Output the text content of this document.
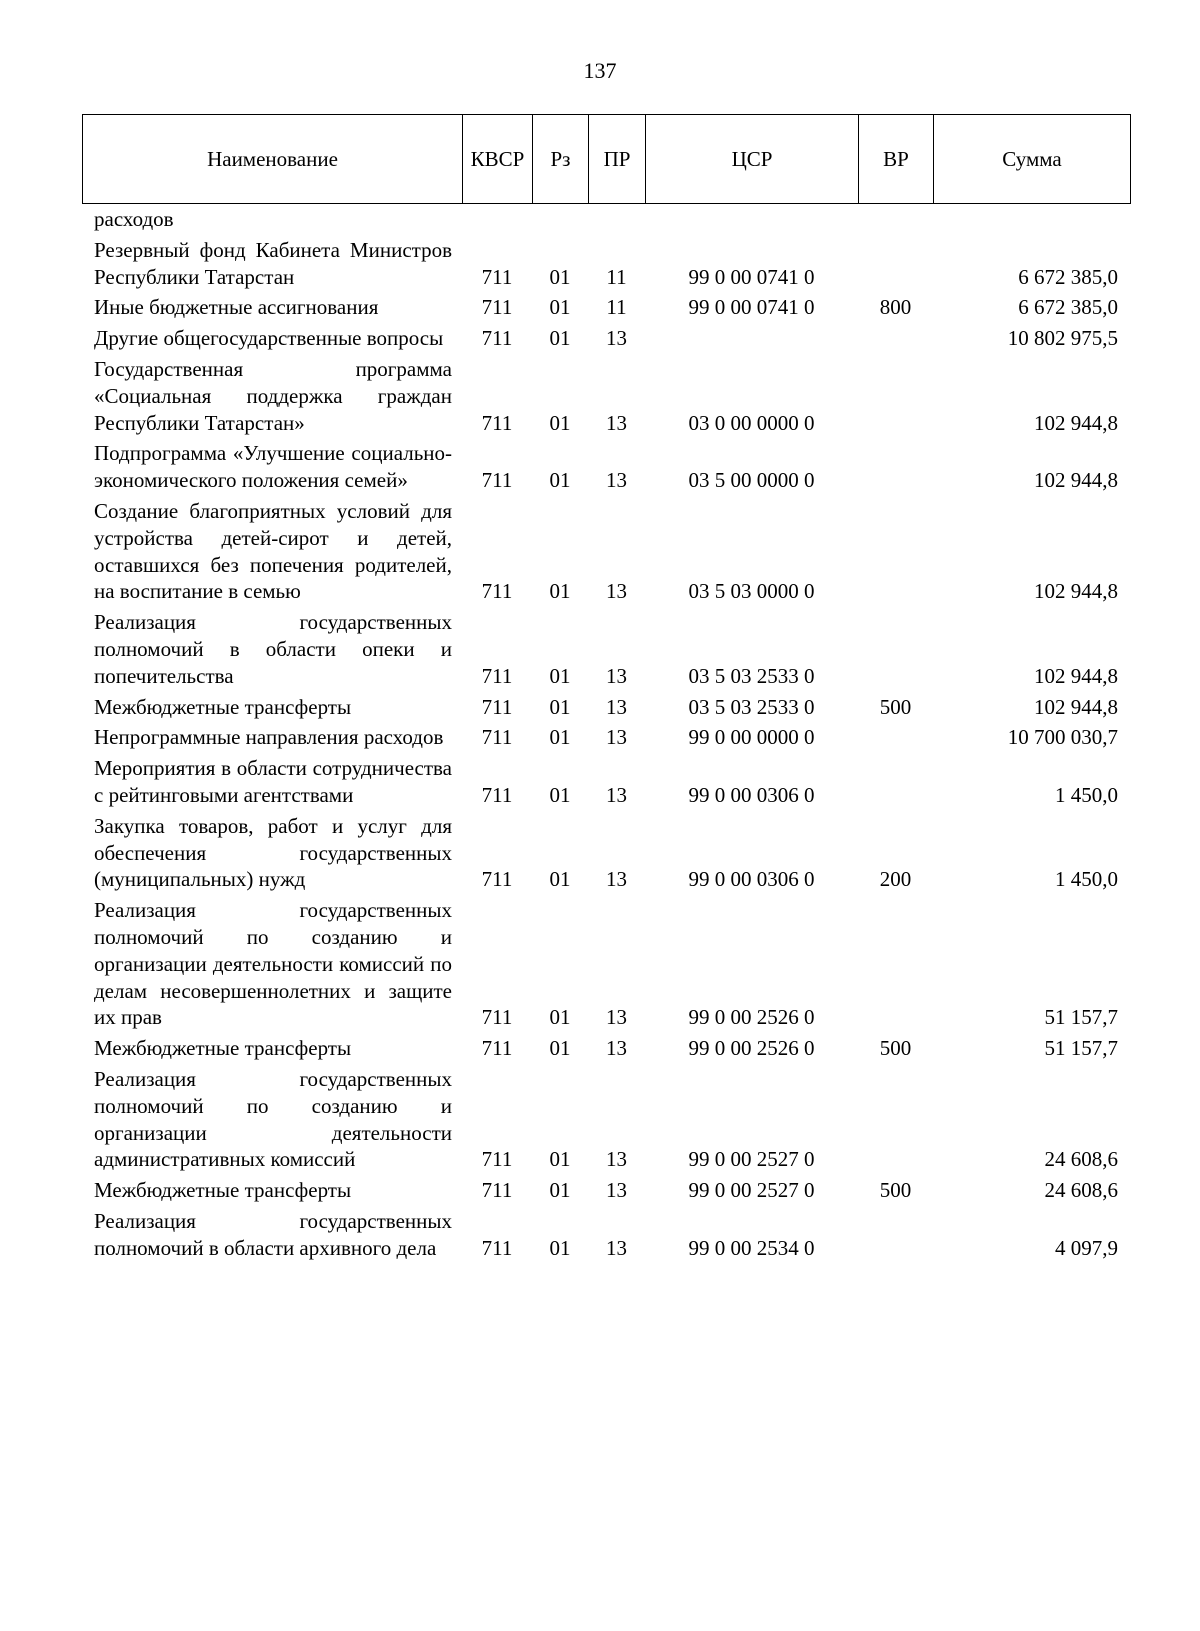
137
Наименование	КВСР	Рз	ПР	ЦСР	ВР	Сумма
расходов						
Резервный фонд Кабинета Министров Республики Татарстан	711	01	11	99 0 00 0741 0		6 672 385,0
Иные бюджетные ассигнования	711	01	11	99 0 00 0741 0	800	6 672 385,0
Другие общегосударственные вопросы	711	01	13			10 802 975,5
Государственная программа «Социальная поддержка граждан Республики Татарстан»	711	01	13	03 0 00 0000 0		102 944,8
Подпрограмма «Улучшение социально-экономического положения семей»	711	01	13	03 5 00 0000 0		102 944,8
Создание благоприятных условий для устройства детей-сирот и детей, оставшихся без попечения родителей, на воспитание в семью	711	01	13	03 5 03 0000 0		102 944,8
Реализация государственных полномочий в области опеки и попечительства	711	01	13	03 5 03 2533 0		102 944,8
Межбюджетные трансферты	711	01	13	03 5 03 2533 0	500	102 944,8
Непрограммные направления расходов	711	01	13	99 0 00 0000 0		10 700 030,7
Мероприятия в области сотрудничества с рейтинговыми агентствами	711	01	13	99 0 00 0306 0		1 450,0
Закупка товаров, работ и услуг для обеспечения государственных (муниципальных) нужд	711	01	13	99 0 00 0306 0	200	1 450,0
Реализация государственных полномочий по созданию и организации деятельности комиссий по делам несовершеннолетних и защите их прав	711	01	13	99 0 00 2526 0		51 157,7
Межбюджетные трансферты	711	01	13	99 0 00 2526 0	500	51 157,7
Реализация государственных полномочий по созданию и организации деятельности административных комиссий	711	01	13	99 0 00 2527 0		24 608,6
Межбюджетные трансферты	711	01	13	99 0 00 2527 0	500	24 608,6
Реализация государственных полномочий в области архивного дела	711	01	13	99 0 00 2534 0		4 097,9
